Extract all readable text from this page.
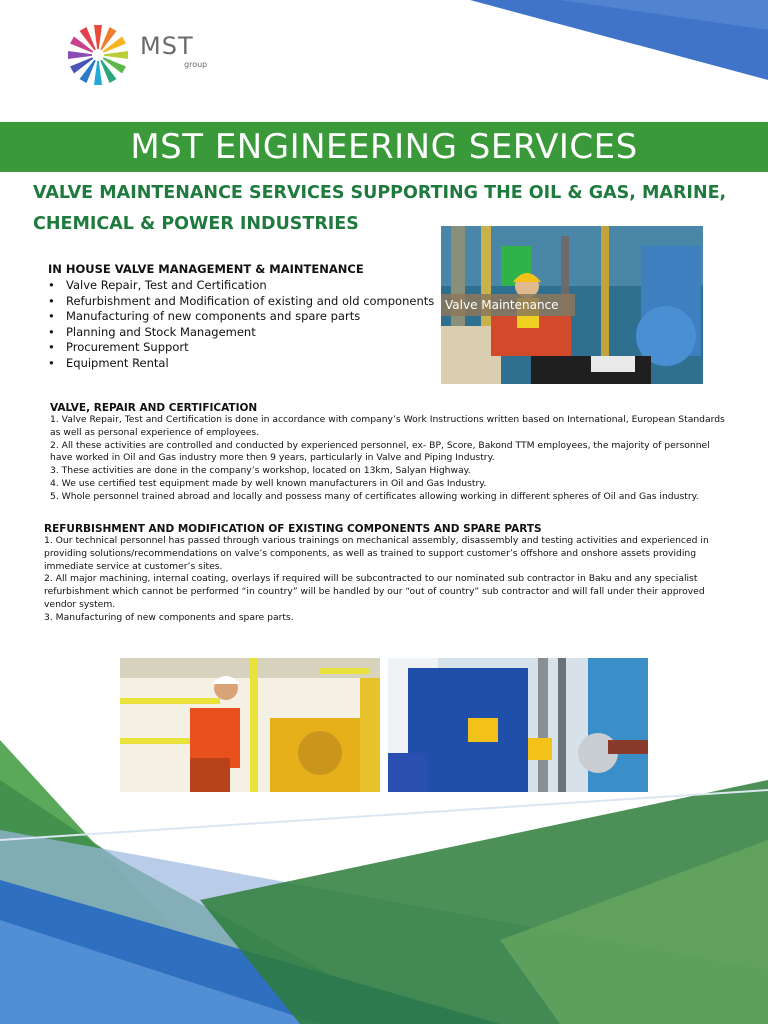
MST
group
MST ENGINEERING SERVICES
VALVE MAINTENANCE SERVICES SUPPORTING THE OIL & GAS, MARINE,
CHEMICAL & POWER INDUSTRIES
Valve Maintenance
IN HOUSE VALVE MANAGEMENT & MAINTENANCE
• Valve Repair, Test and Certification
• Refurbishment and Modification of existing and old components
• Manufacturing of new components and spare parts
• Planning and Stock Management
• Procurement Support
• Equipment Rental
VALVE, REPAIR AND CERTIFICATION

1. Valve Repair, Test and Certification is done in accordance with company’s Work Instructions written based on International, European Standards as well as personal experience of employees.

2. All these activities are controlled and conducted by experienced personnel, ex- BP, Score, Bakond TTM employees, the majority of personnel have worked in Oil and Gas industry more then 9 years, particularly in Valve and Piping Industry.

3. These activities are done in the company’s workshop, located on 13km, Salyan Highway.

4. We use certified test equipment made by well known manufacturers in Oil and Gas Industry.

5. Whole personnel trained abroad and locally and possess many of certificates allowing working in different spheres of Oil and Gas industry.

REFURBISHMENT AND MODIFICATION OF EXISTING COMPONENTS AND SPARE PARTS

1. Our technical personnel has passed through various trainings on mechanical assembly, disassembly and testing activities and experienced in providing solutions/recommendations on valve’s components, as well as trained to support customer’s offshore and onshore assets providing immediate service at customer’s sites.

2. All major machining, internal coating, overlays if required will be subcontracted to our nominated sub contractor in Baku and any specialist refurbishment which cannot be performed “in country” will be handled by our “out of country” sub contractor and will fall under their approved vendor system.

3. Manufacturing of new components and spare parts.
